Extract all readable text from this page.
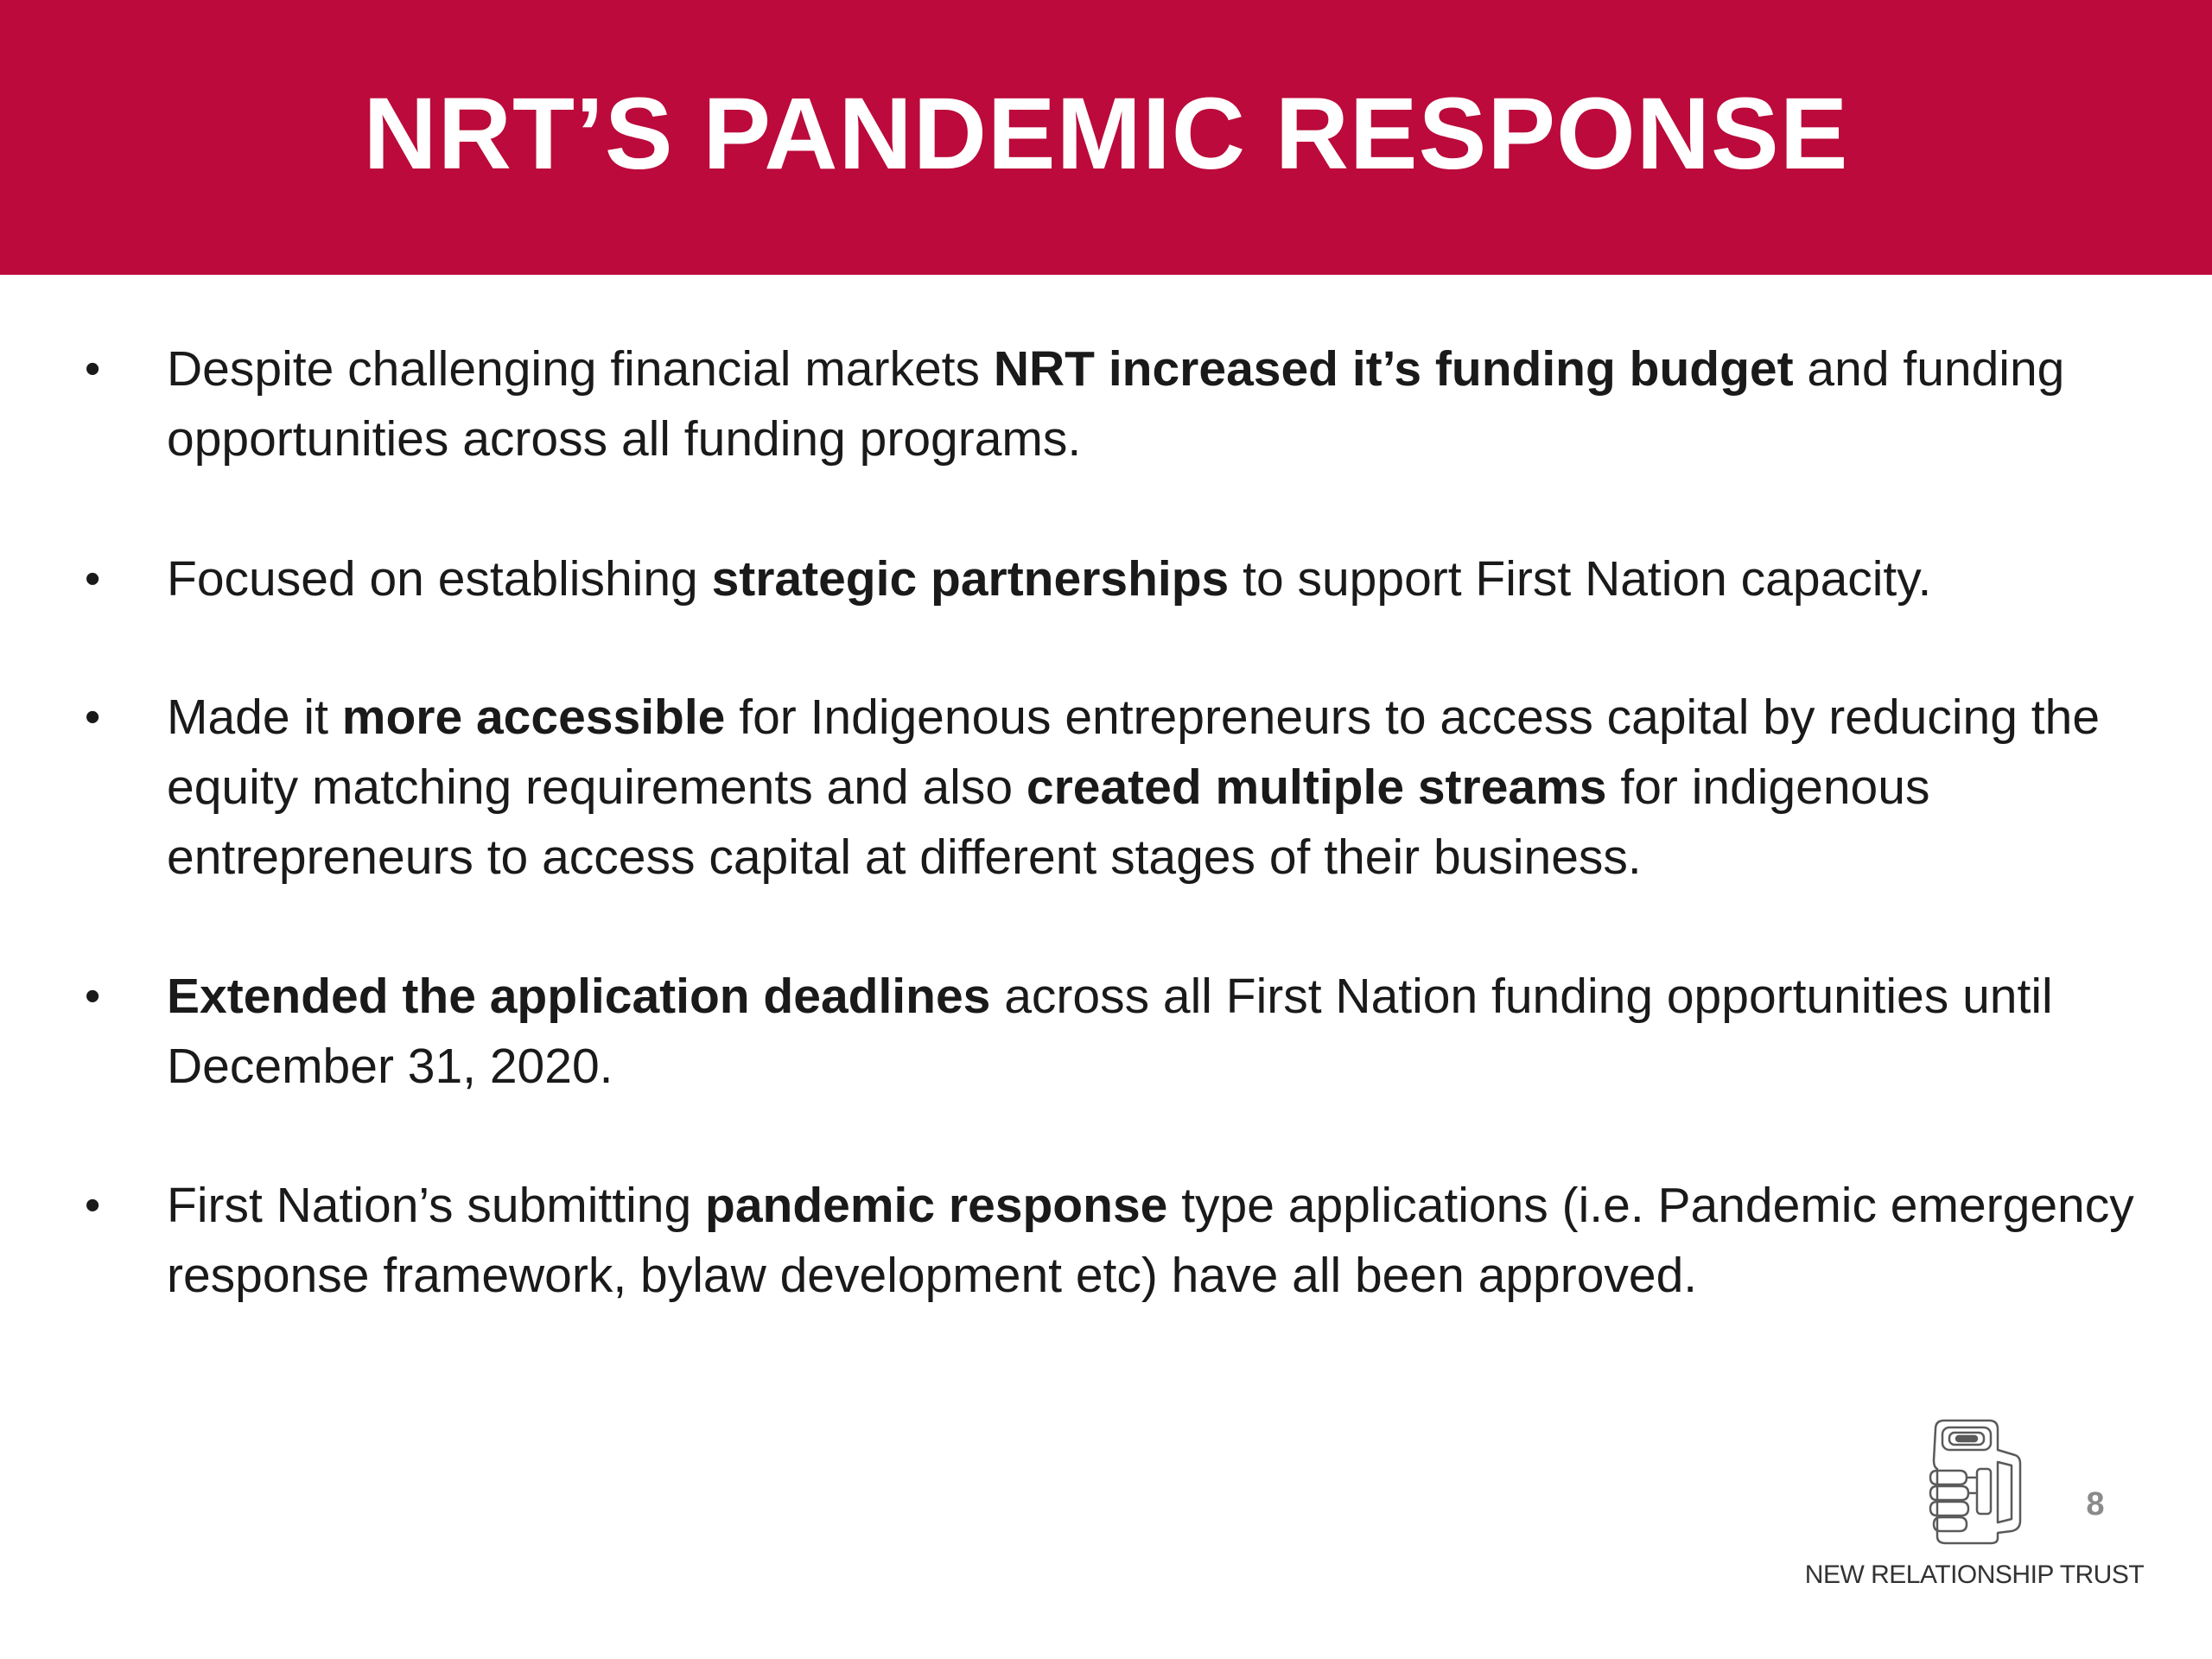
NRT’S PANDEMIC RESPONSE
• Despite challenging financial markets NRT increased it’s funding budget and funding opportunities across all funding programs.
• Focused on establishing strategic partnerships to support First Nation capacity.
• Made it more accessible for Indigenous entrepreneurs to access capital by reducing the equity matching requirements and also created multiple streams for indigenous entrepreneurs to access capital at different stages of their business.
• Extended the application deadlines across all First Nation funding opportunities until December 31, 2020.
• First Nation’s submitting pandemic response type applications (i.e. Pandemic emergency response framework, bylaw development etc) have all been approved.
8
NEW RELATIONSHIP TRUST
